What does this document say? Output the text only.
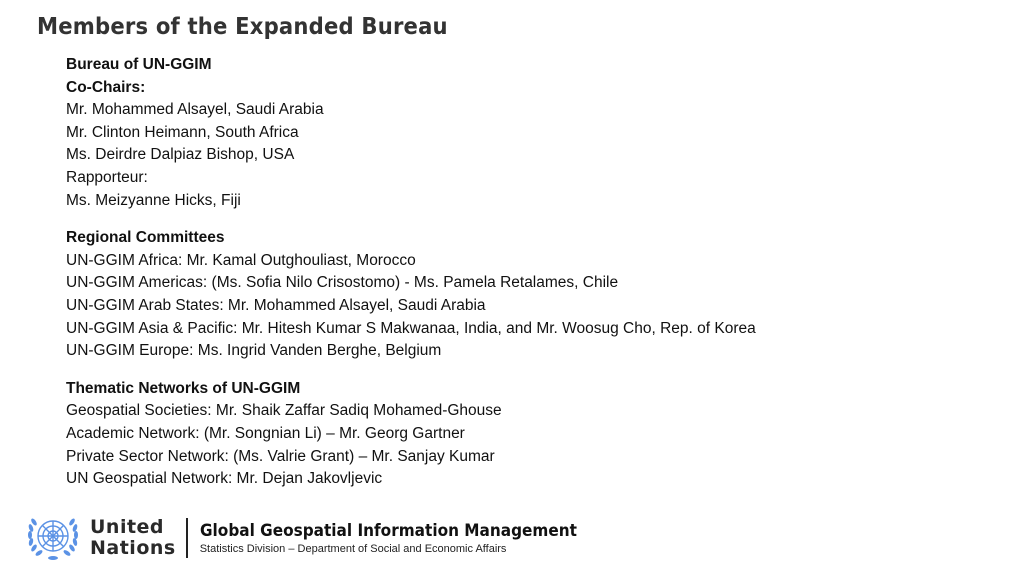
Members of the Expanded Bureau
Bureau of UN-GGIM
Co-Chairs:
Mr. Mohammed Alsayel, Saudi Arabia
Mr. Clinton Heimann, South Africa
Ms. Deirdre Dalpiaz Bishop, USA
Rapporteur:
Ms. Meizyanne Hicks, Fiji
Regional Committees
UN-GGIM Africa: Mr. Kamal Outghouliast, Morocco
UN-GGIM Americas: (Ms. Sofia Nilo Crisostomo) - Ms. Pamela Retalames, Chile
UN-GGIM Arab States: Mr. Mohammed Alsayel, Saudi Arabia
UN-GGIM Asia & Pacific: Mr. Hitesh Kumar S Makwanaa, India, and Mr. Woosug Cho, Rep. of Korea
UN-GGIM Europe: Ms. Ingrid Vanden Berghe, Belgium
Thematic Networks of UN-GGIM
Geospatial Societies: Mr. Shaik Zaffar Sadiq Mohamed-Ghouse
Academic Network: (Mr. Songnian Li) – Mr. Georg Gartner
Private Sector Network: (Ms. Valrie Grant) – Mr. Sanjay Kumar
UN Geospatial Network: Mr. Dejan Jakovljevic
United
Nations
Global Geospatial Information Management
Statistics Division – Department of Social and Economic Affairs
